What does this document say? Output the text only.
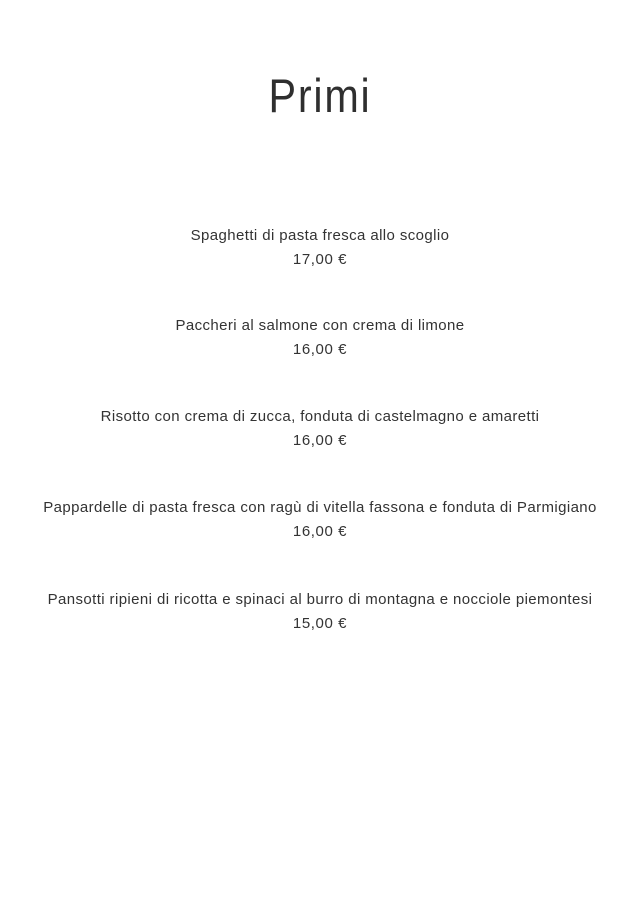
Primi
Spaghetti di pasta fresca allo scoglio
17,00 €
Paccheri al salmone con crema di limone
16,00 €
Risotto con crema di zucca, fonduta di castelmagno e amaretti
16,00 €
Pappardelle di pasta fresca con ragù di vitella fassona e fonduta di Parmigiano
16,00 €
Pansotti ripieni di ricotta e spinaci al burro di montagna e nocciole piemontesi
15,00 €
